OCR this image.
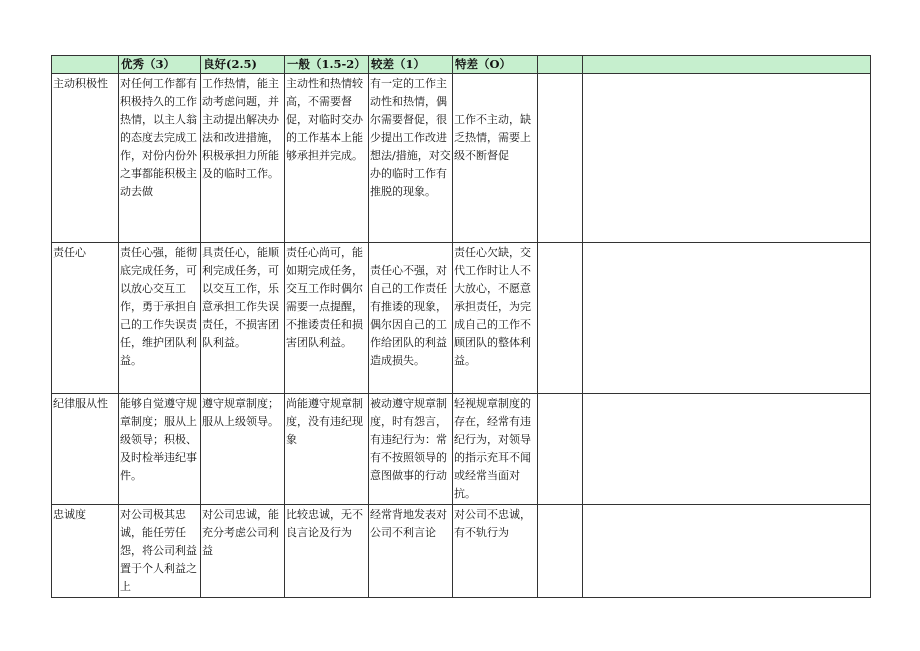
	优秀（3）	良好(2.5)	一般（1.5-2）	较差（1）	特差（O）		
主动积极性	对任何工作都有积极持久的工作热情，以主人翁的态度去完成工作，对份内份外之事都能积极主动去做	工作热情，能主动考虑问题，并主动提出解决办法和改进措施，积极承担力所能及的临时工作。	主动性和热情较高，不需要督促，对临时交办的工作基本上能够承担并完成。	有一定的工作主动性和热情，偶尔需要督促，很少提出工作改进想法/措施，对交办的临时工作有推脱的现象。	工作不主动，缺乏热情，需要上级不断督促		

责任心	责任心强，能彻底完成任务，可以放心交互工作，勇于承担自己的工作失误责任，维护团队利益。	具责任心，能顺利完成任务，可以交互工作，乐意承担工作失误责任，不损害团队利益。	责任心尚可，能如期完成任务，交互工作时偶尔需要一点提醒，不推诿责任和损害团队利益。	责任心不强，对自己的工作责任有推诿的现象，偶尔因自己的工作给团队的利益造成损失。	责任心欠缺，交代工作时让人不大放心，不愿意承担责任，为完成自己的工作不顾团队的整体利益。		
纪律服从性	能够自觉遵守规章制度；服从上级领导；积极、及时检举违纪事件。	遵守规章制度；服从上级领导。	尚能遵守规章制度，没有违纪现象	被动遵守规章制度，时有怨言，有违纪行为：常有不按照领导的意图做事的行动	轻视规章制度的存在，经常有违纪行为，对领导的指示充耳不闻或经常当面对抗。		
忠诚度	对公司极其忠诚，能任劳任怨，将公司利益置于个人利益之上	对公司忠诚，能充分考虑公司利益	比较忠诚，无不良言论及行为	经常背地发表对公司不利言论	对公司不忠诚，有不轨行为		
